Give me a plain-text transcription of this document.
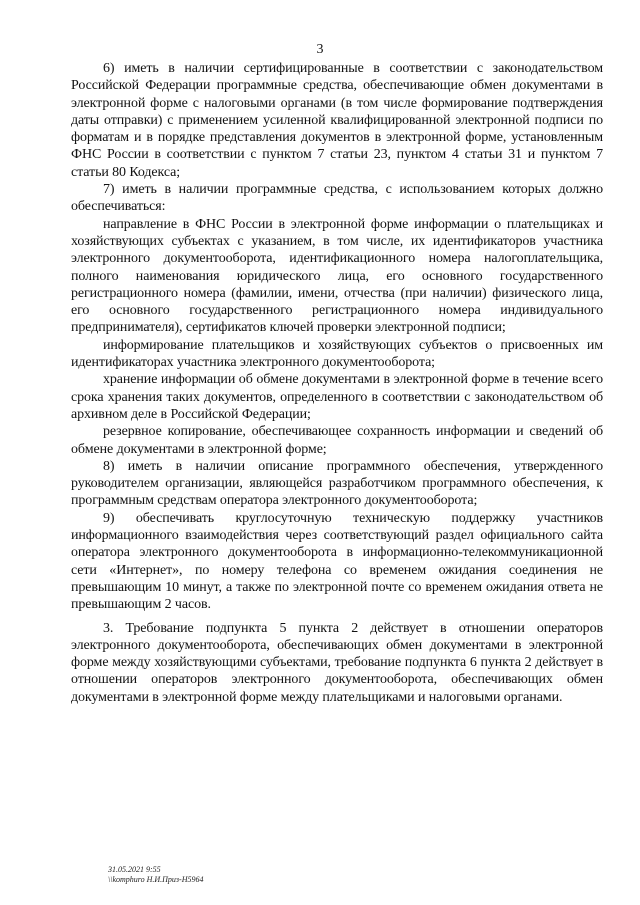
3

6) иметь в наличии сертифицированные в соответствии с законодательством Российской Федерации программные средства, обеспечивающие обмен документами в электронной форме с налоговыми органами (в том числе формирование подтверждения даты отправки) с применением усиленной квалифицированной электронной подписи по форматам и в порядке представления документов в электронной форме, установленным ФНС России в соответствии с пунктом 7 статьи 23, пунктом 4 статьи 31 и пунктом 7 статьи 80 Кодекса;

7) иметь в наличии программные средства, с использованием которых должно обеспечиваться:

направление в ФНС России в электронной форме информации о плательщиках и хозяйствующих субъектах с указанием, в том числе, их идентификаторов участника электронного документооборота, идентификационного номера налогоплательщика, полного наименования юридического лица, его основного государственного регистрационного номера (фамилии, имени, отчества (при наличии) физического лица, его основного государственного регистрационного номера индивидуального предпринимателя), сертификатов ключей проверки электронной подписи;

информирование плательщиков и хозяйствующих субъектов о присвоенных им идентификаторах участника электронного документооборота;

хранение информации об обмене документами в электронной форме в течение всего срока хранения таких документов, определенного в соответствии с законодательством об архивном деле в Российской Федерации;

резервное копирование, обеспечивающее сохранность информации и сведений об обмене документами в электронной форме;

8) иметь в наличии описание программного обеспечения, утвержденного руководителем организации, являющейся разработчиком программного обеспечения, к программным средствам оператора электронного документооборота;

9) обеспечивать круглосуточную техническую поддержку участников информационного взаимодействия через соответствующий раздел официального сайта оператора электронного документооборота в информационно-телекоммуникационной сети «Интернет», по номеру телефона со временем ожидания соединения не превышающим 10 минут, а также по электронной почте со временем ожидания ответа не превышающим 2 часов.

3. Требование подпункта 5 пункта 2 действует в отношении операторов электронного документооборота, обеспечивающих обмен документами в электронной форме между хозяйствующими субъектами, требование подпункта 6 пункта 2 действует в отношении операторов электронного документооборота, обеспечивающих обмен документами в электронной форме между плательщиками и налоговыми органами.

31.05.2021 9:55
\\komphuro Н.И.Приз-Н5964
